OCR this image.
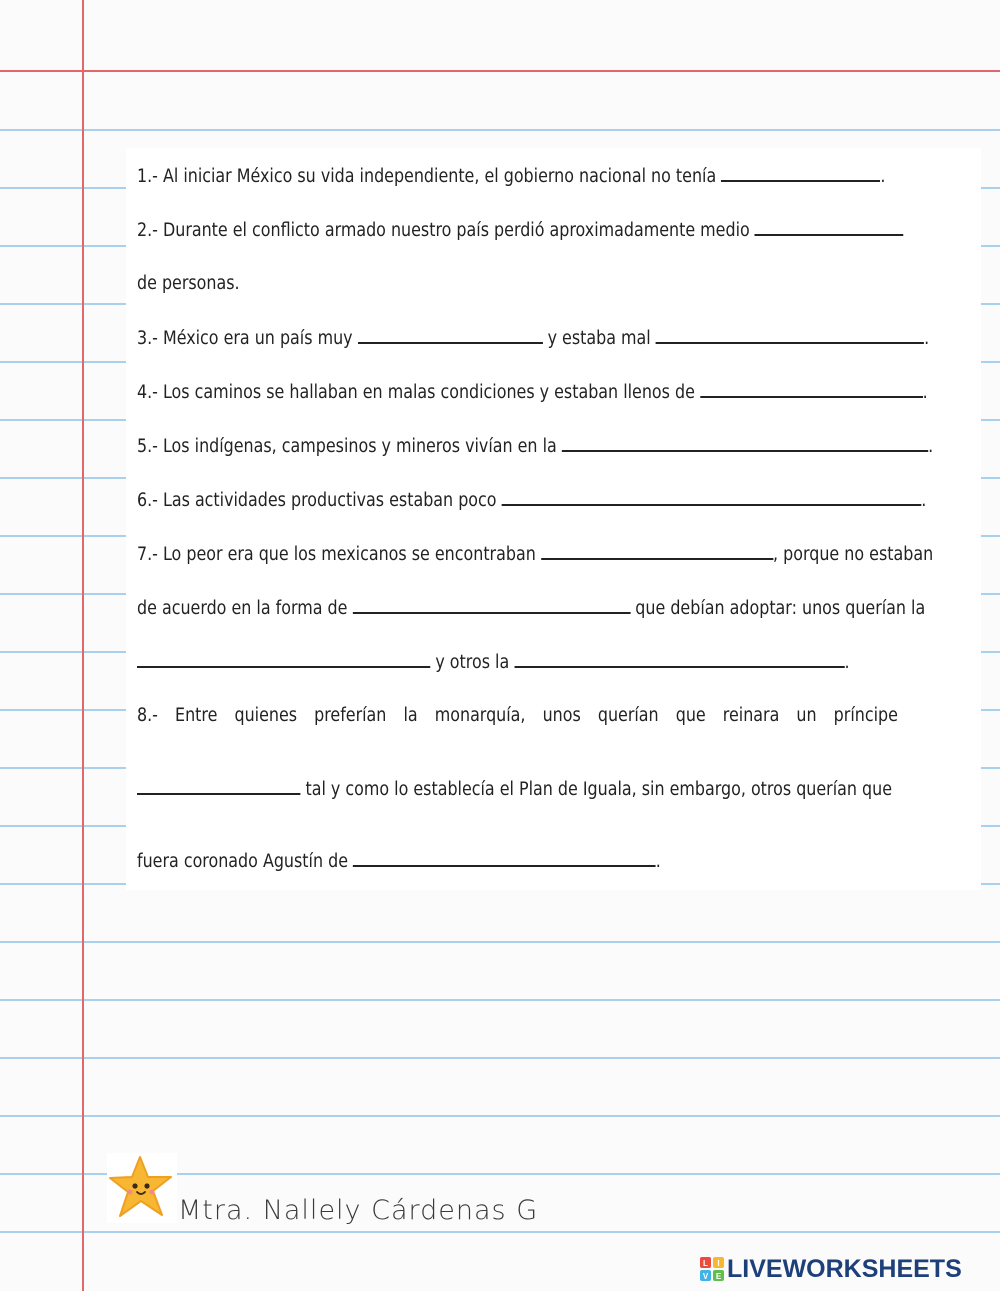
1.- Al iniciar México su vida independiente, el gobierno nacional no tenía	.
2.- Durante el conflicto armado nuestro país perdió aproximadamente medio
de personas.
3.- México era un país muy	y estaba mal	.
4.- Los caminos se hallaban en malas condiciones y estaban llenos de	.
5.- Los indígenas, campesinos y mineros vivían en la	.
6.- Las actividades productivas estaban poco	.
7.- Lo peor era que los mexicanos se encontraban	, porque no estaban
de acuerdo en la forma de	que debían adoptar: unos querían la
y otros la	.
8.- Entre quienes preferían la monarquía, unos querían que reinara un príncipe
tal y como lo establecía el Plan de Iguala, sin embargo, otros querían que
fuera coronado Agustín de	.
Mtra. Nallely Cárdenas G
L I
V E LIVEWORKSHEETS
